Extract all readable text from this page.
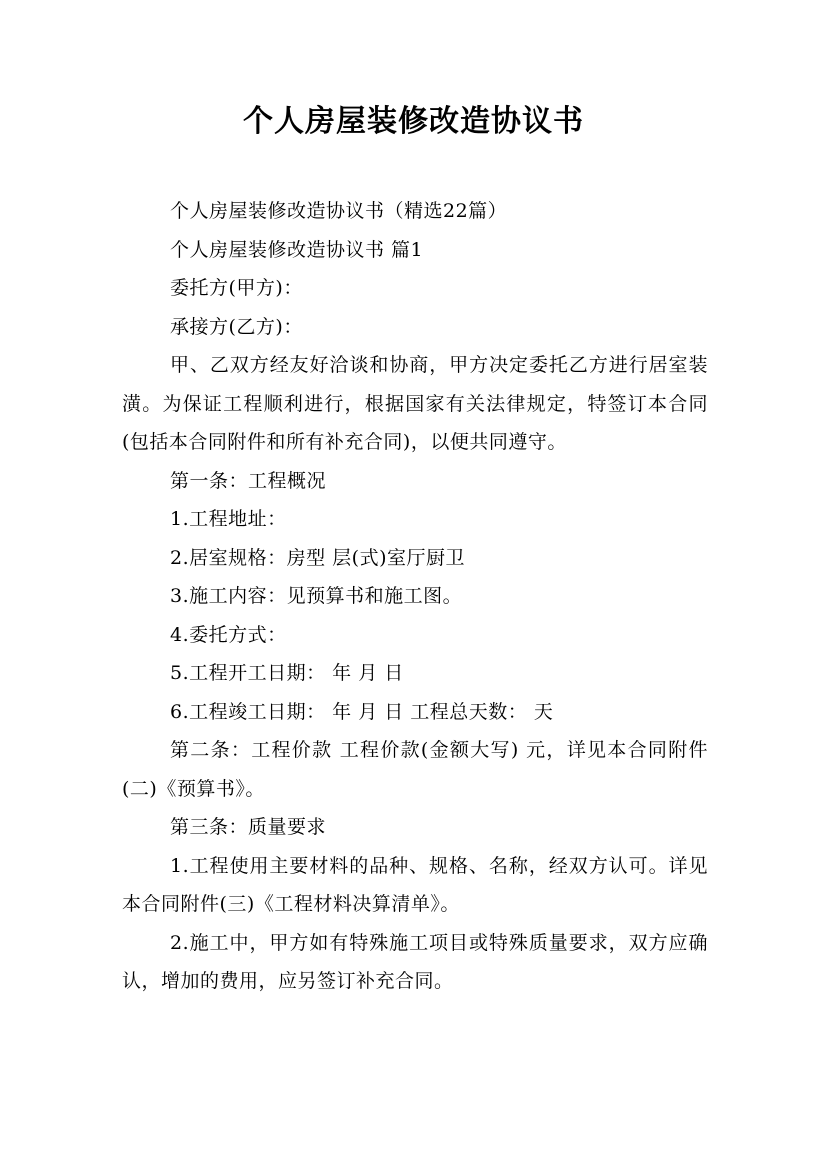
个人房屋装修改造协议书

个人房屋装修改造协议书（精选22篇）

个人房屋装修改造协议书 篇1

委托方(甲方)：

承接方(乙方)：

甲、乙双方经友好洽谈和协商，甲方决定委托乙方进行居室装潢。为保证工程顺利进行，根据国家有关法律规定，特签订本合同(包括本合同附件和所有补充合同)，以便共同遵守。

第一条：工程概况

1.工程地址：

2.居室规格：房型 层(式)室厅厨卫

3.施工内容：见预算书和施工图。

4.委托方式：

5.工程开工日期： 年 月 日

6.工程竣工日期： 年 月 日 工程总天数： 天

第二条：工程价款 工程价款(金额大写) 元，详见本合同附件(二)《预算书》。

第三条：质量要求

1.工程使用主要材料的品种、规格、名称，经双方认可。详见本合同附件(三)《工程材料决算清单》。

2.施工中，甲方如有特殊施工项目或特殊质量要求，双方应确认，增加的费用，应另签订补充合同。
